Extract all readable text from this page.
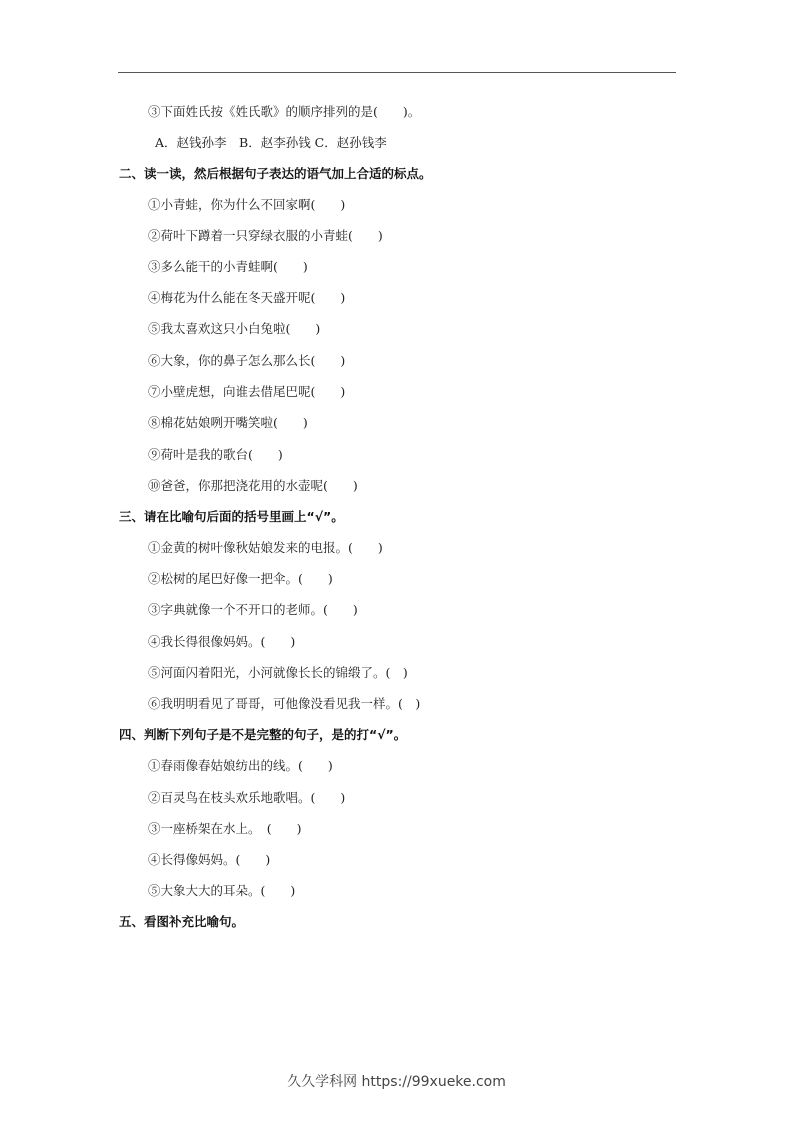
③下面姓氏按《姓氏歌》的顺序排列的是(　　)。
A．赵钱孙李　B．赵李孙钱 C．赵孙钱李
二、读一读，然后根据句子表达的语气加上合适的标点。
①小青蛙，你为什么不回家啊(　　)
②荷叶下蹲着一只穿绿衣服的小青蛙(　　)
③多么能干的小青蛙啊(　　)
④梅花为什么能在冬天盛开呢(　　)
⑤我太喜欢这只小白兔啦(　　)
⑥大象，你的鼻子怎么那么长(　　)
⑦小壁虎想，向谁去借尾巴呢(　　)
⑧棉花姑娘咧开嘴笑啦(　　)
⑨荷叶是我的歌台(　　)
⑩爸爸，你那把浇花用的水壶呢(　　)
三、请在比喻句后面的括号里画上“√”。
①金黄的树叶像秋姑娘发来的电报。(　　)
②松树的尾巴好像一把伞。(　　)
③字典就像一个不开口的老师。(　　)
④我长得很像妈妈。(　　)
⑤河面闪着阳光，小河就像长长的锦缎了。(　)
⑥我明明看见了哥哥，可他像没看见我一样。(　)
四、判断下列句子是不是完整的句子，是的打“√”。
①春雨像春姑娘纺出的线。(　　)
②百灵鸟在枝头欢乐地歌唱。(　　)
③一座桥架在水上。　(　　)
④长得像妈妈。(　　)
⑤大象大大的耳朵。(　　)
五、看图补充比喻句。
久久学科网 https://99xueke.com
